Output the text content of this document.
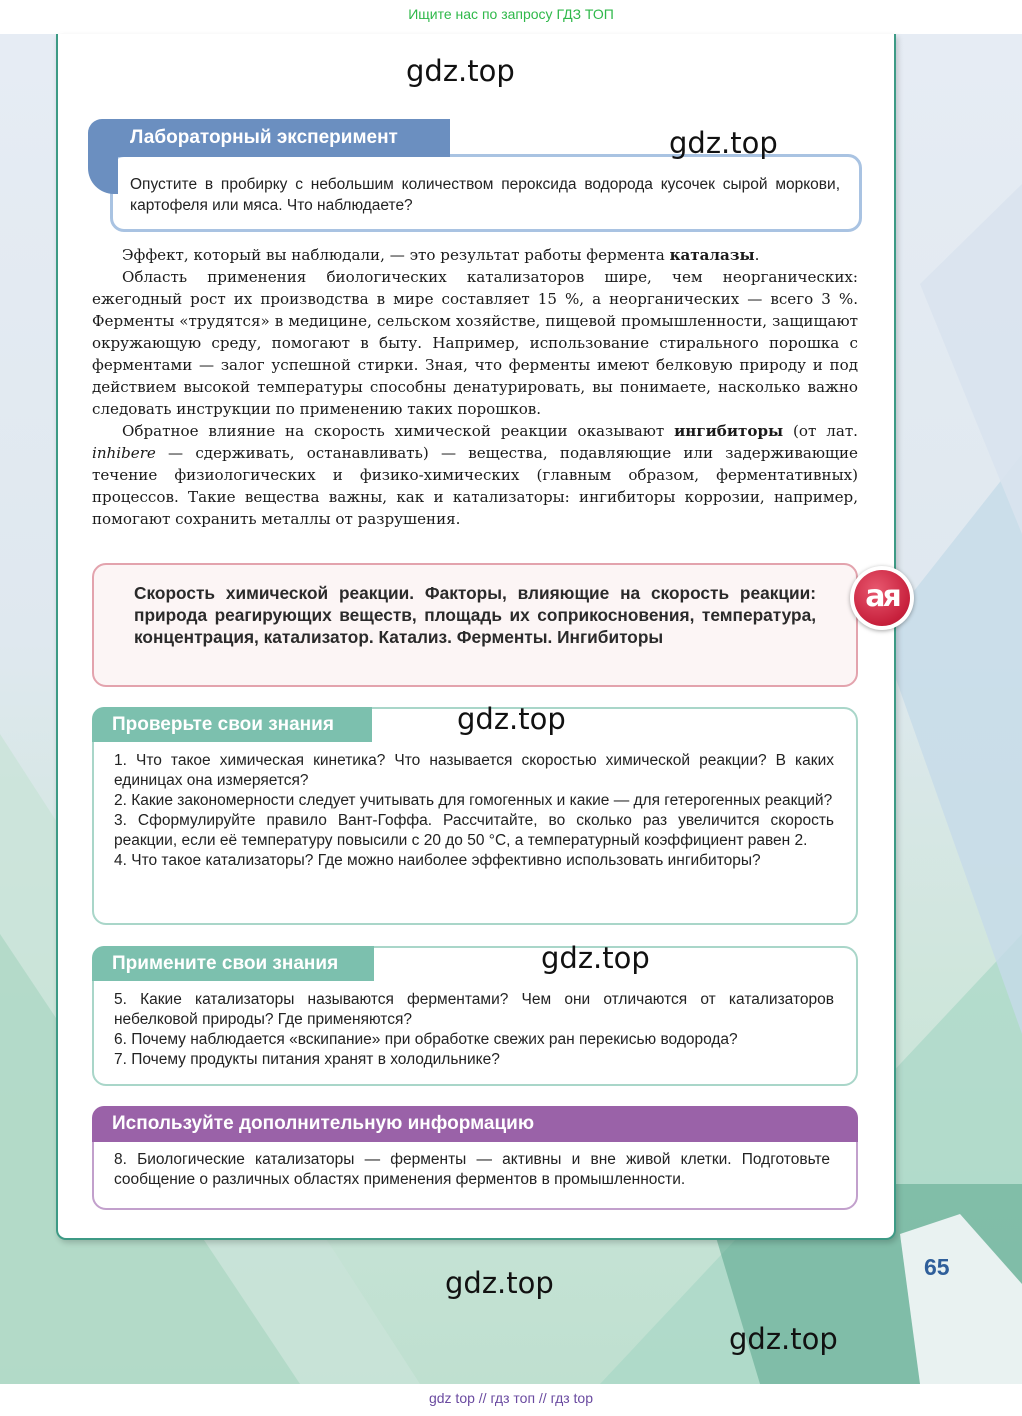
Ищите нас по запросу ГДЗ ТОП
gdz.top
Лабораторный эксперимент	gdz.top
Опустите в пробирку с небольшим количеством пероксида водорода кусочек сырой моркови, картофеля или мяса. Что наблюдаете?

Эффект, который вы наблюдали, — это результат работы фермента каталазы.

Область применения биологических катализаторов шире, чем неорганических: ежегодный рост их производства в мире составляет 15 %, а неорганических — всего 3 %. Ферменты «трудятся» в медицине, сельском хозяйстве, пищевой промышленности, защищают окружающую среду, помогают в быту. Например, использование стирального порошка с ферментами — залог успешной стирки. Зная, что ферменты имеют белковую природу и под действием высокой температуры способны денатурировать, вы понимаете, насколько важно следовать инструкции по применению таких порошков.

Обратное влияние на скорость химической реакции оказывают ингибиторы (от лат. inhibere — сдерживать, останавливать) — вещества, подавляющие или задерживающие течение физиологических и физико-химических (главным образом, ферментативных) процессов. Такие вещества важны, как и катализаторы: ингибиторы коррозии, например, помогают сохранить металлы от разрушения.

Скорость химической реакции. Факторы, влияющие на скорость реакции: природа реагирующих веществ, площадь их соприкосновения, температура, концентрация, катализатор. Катализ. Ферменты. Ингибиторы
ая
Проверьте свои знания	gdz.top
1. Что такое химическая кинетика? Что называется скоростью химической реакции? В каких единицах она измеряется?
2. Какие закономерности следует учитывать для гомогенных и какие — для гетерогенных реакций?
3. Сформулируйте правило Вант-Гоффа. Рассчитайте, во сколько раз увеличится скорость реакции, если её температуру повысили с 20 до 50 °С, а температурный коэффициент равен 2.
4. Что такое катализаторы? Где можно наиболее эффективно использовать ингибиторы?
Примените свои знания	gdz.top
5. Какие катализаторы называются ферментами? Чем они отличаются от катализаторов небелковой природы? Где применяются?
6. Почему наблюдается «вскипание» при обработке свежих ран перекисью водорода?
7. Почему продукты питания хранят в холодильнике?
Используйте дополнительную информацию
8. Биологические катализаторы — ферменты — активны и вне живой клетки. Подготовьте сообщение о различных областях применения ферментов в промышленности.
65
gdz.top
gdz.top
gdz top // гдз топ // гдз top
